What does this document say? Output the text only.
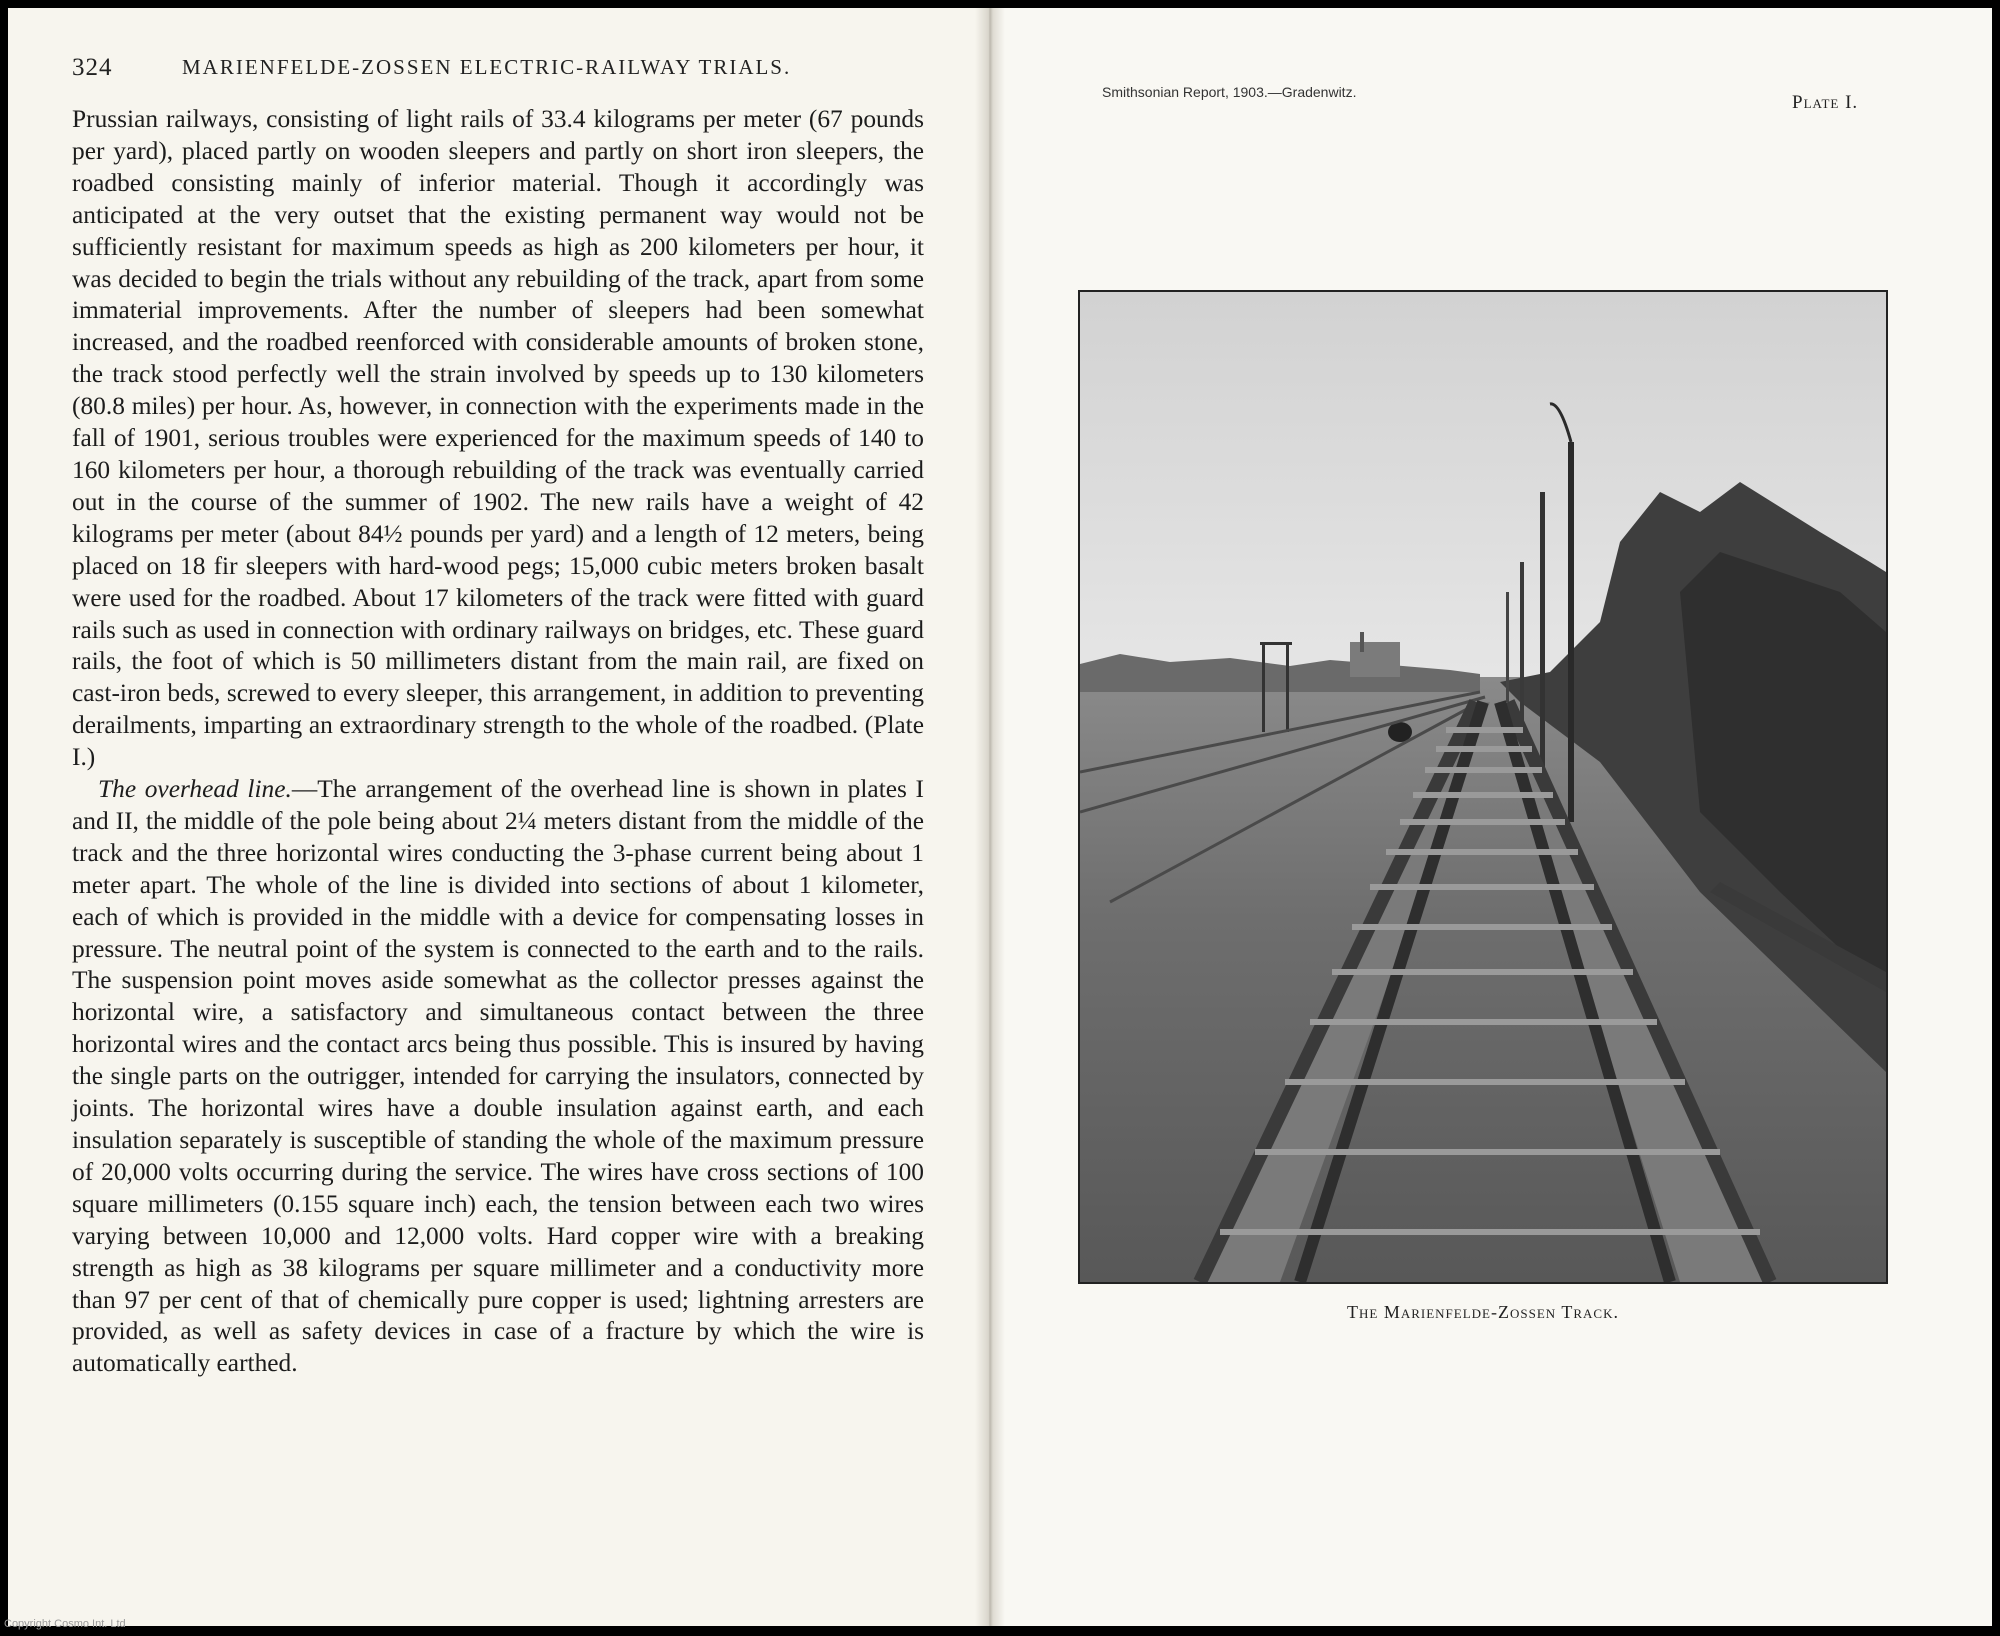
324	MARIENFELDE-ZOSSEN ELECTRIC-RAILWAY TRIALS.

Prussian railways, consisting of light rails of 33.4 kilograms per meter (67 pounds per yard), placed partly on wooden sleepers and partly on short iron sleepers, the roadbed consisting mainly of inferior material. Though it accordingly was anticipated at the very outset that the existing permanent way would not be sufficiently resistant for maximum speeds as high as 200 kilometers per hour, it was decided to begin the trials without any rebuilding of the track, apart from some immaterial improvements. After the number of sleepers had been somewhat increased, and the roadbed reenforced with considerable amounts of broken stone, the track stood perfectly well the strain involved by speeds up to 130 kilometers (80.8 miles) per hour. As, however, in connection with the experiments made in the fall of 1901, serious troubles were experienced for the maximum speeds of 140 to 160 kilometers per hour, a thorough rebuilding of the track was eventually carried out in the course of the summer of 1902. The new rails have a weight of 42 kilograms per meter (about 84½ pounds per yard) and a length of 12 meters, being placed on 18 fir sleepers with hard-wood pegs; 15,000 cubic meters broken basalt were used for the roadbed. About 17 kilometers of the track were fitted with guard rails such as used in connection with ordinary railways on bridges, etc. These guard rails, the foot of which is 50 millimeters distant from the main rail, are fixed on cast-iron beds, screwed to every sleeper, this arrangement, in addition to preventing derailments, imparting an extraordinary strength to the whole of the roadbed. (Plate I.)

The overhead line.—The arrangement of the overhead line is shown in plates I and II, the middle of the pole being about 2¼ meters distant from the middle of the track and the three horizontal wires conducting the 3-phase current being about 1 meter apart. The whole of the line is divided into sections of about 1 kilometer, each of which is provided in the middle with a device for compensating losses in pressure. The neutral point of the system is connected to the earth and to the rails. The suspension point moves aside somewhat as the collector presses against the horizontal wire, a satisfactory and simultaneous contact between the three horizontal wires and the contact arcs being thus possible. This is insured by having the single parts on the outrigger, intended for carrying the insulators, connected by joints. The horizontal wires have a double insulation against earth, and each insulation separately is susceptible of standing the whole of the maximum pressure of 20,000 volts occurring during the service. The wires have cross sections of 100 square millimeters (0.155 square inch) each, the tension between each two wires varying between 10,000 and 12,000 volts. Hard copper wire with a breaking strength as high as 38 kilograms per square millimeter and a conductivity more than 97 per cent of that of chemically pure copper is used; lightning arresters are provided, as well as safety devices in case of a fracture by which the wire is automatically earthed.

Smithsonian Report, 1903.—Gradenwitz.	Plate I.
The Marienfelde-Zossen Track.
Copyright Cosmo Int. Ltd
